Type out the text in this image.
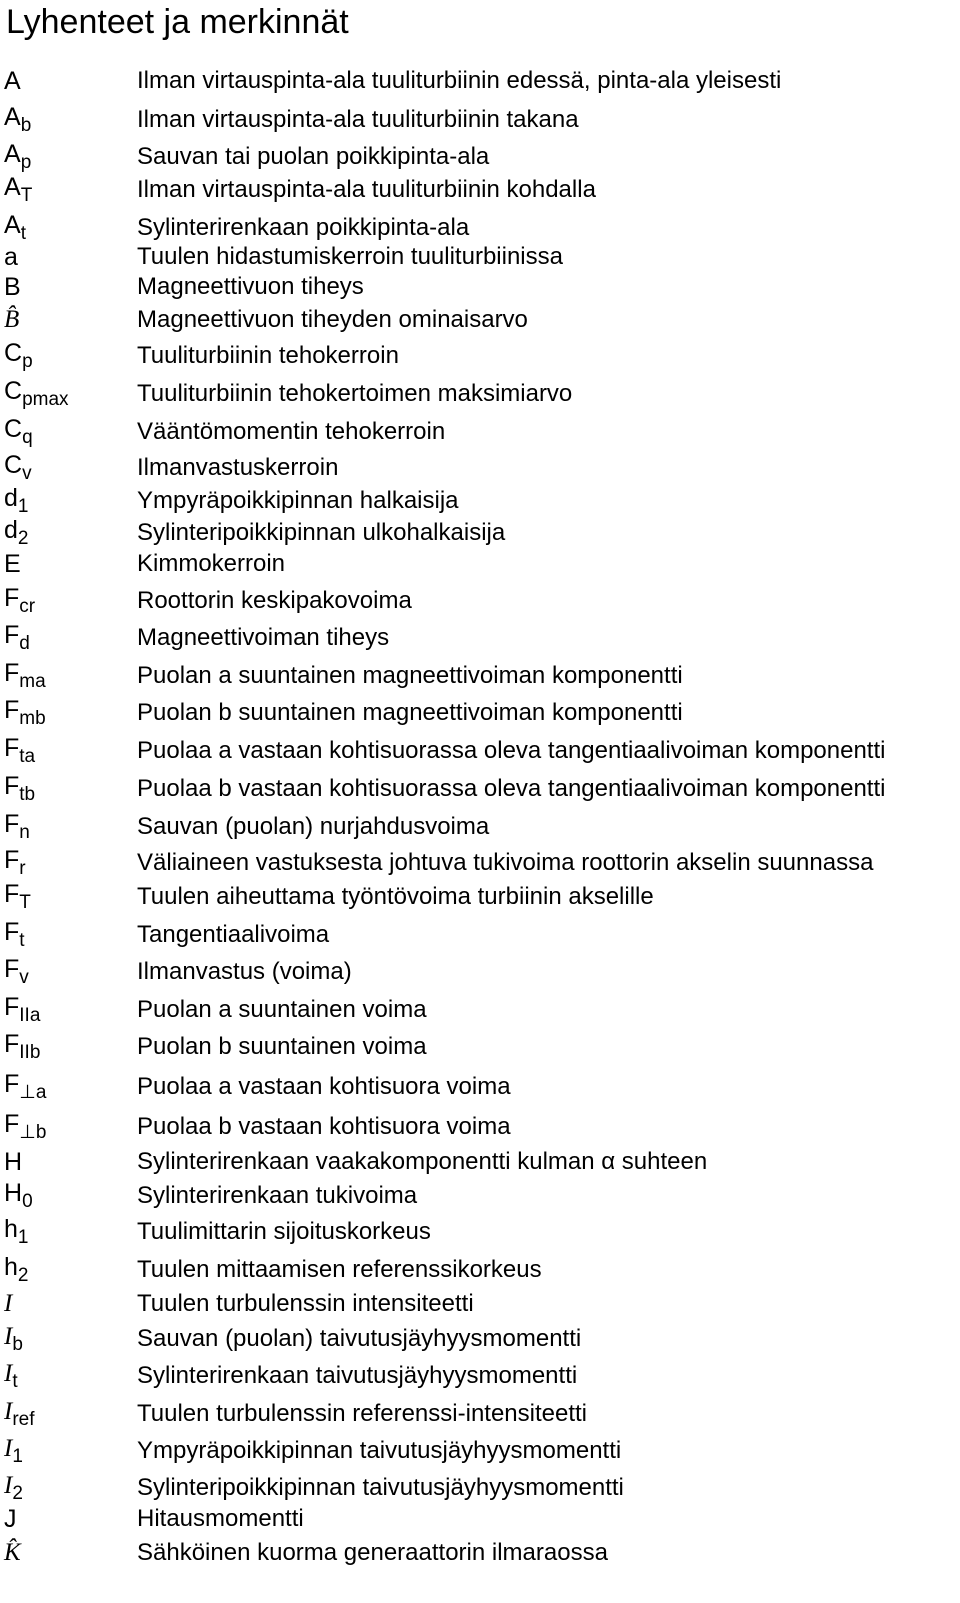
Lyhenteet ja merkinnät
A	Ilman virtauspinta-ala tuuliturbiinin edessä, pinta-ala yleisesti
$A_b$	Ilman virtauspinta-ala tuuliturbiinin takana
$A_p$	Sauvan tai puolan poikkipinta-ala
$A_T$	Ilman virtauspinta-ala tuuliturbiinin kohdalla
$A_t$	Sylinterirenkaan poikkipinta-ala
a	Tuulen hidastumiskerroin tuuliturbiinissa
B	Magneettivuon tiheys
B̂	Magneettivuon tiheyden ominaisarvo
$C_p$	Tuuliturbiinin tehokerroin
$C_{pmax}$	Tuuliturbiinin tehokertoimen maksimiarvo
$C_q$	Vääntömomentin tehokerroin
$C_v$	Ilmanvastuskerroin
$d_1$	Ympyräpoikkipinnan halkaisija
$d_2$	Sylinteripoikkipinnan ulkohalkaisija
E	Kimmokerroin
$F_{cr}$	Roottorin keskipakovoima
$F_d$	Magneettivoiman tiheys
$F_{ma}$	Puolan a suuntainen magneettivoiman komponentti
$F_{mb}$	Puolan b suuntainen magneettivoiman komponentti
$F_{ta}$	Puolaa a vastaan kohtisuorassa oleva tangentiaalivoiman komponentti
$F_{tb}$	Puolaa b vastaan kohtisuorassa oleva tangentiaalivoiman komponentti
$F_n$	Sauvan (puolan) nurjahdusvoima
$F_r$	Väliaineen vastuksesta johtuva tukivoima roottorin akselin suunnassa
$F_T$	Tuulen aiheuttama työntövoima turbiinin akselille
$F_t$	Tangentiaalivoima
$F_v$	Ilmanvastus (voima)
$F_{IIa}$	Puolan a suuntainen voima
$F_{IIb}$	Puolan b suuntainen voima
$F_{\perp a}$	Puolaa a vastaan kohtisuora voima
$F_{\perp b}$	Puolaa b vastaan kohtisuora voima
H	Sylinterirenkaan vaakakomponentti kulman α suhteen
$H_0$	Sylinterirenkaan tukivoima
$h_1$	Tuulimittarin sijoituskorkeus
$h_2$	Tuulen mittaamisen referenssikorkeus
I	Tuulen turbulenssin intensiteetti
$I_b$	Sauvan (puolan) taivutusjäyhyysmomentti
$I_t$	Sylinterirenkaan taivutusjäyhyysmomentti
$I_{ref}$	Tuulen turbulenssin referenssi-intensiteetti
$I_1$	Ympyräpoikkipinnan taivutusjäyhyysmomentti
$I_2$	Sylinteripoikkipinnan taivutusjäyhyysmomentti
J	Hitausmomentti
K̂	Sähköinen kuorma generaattorin ilmaraossa
